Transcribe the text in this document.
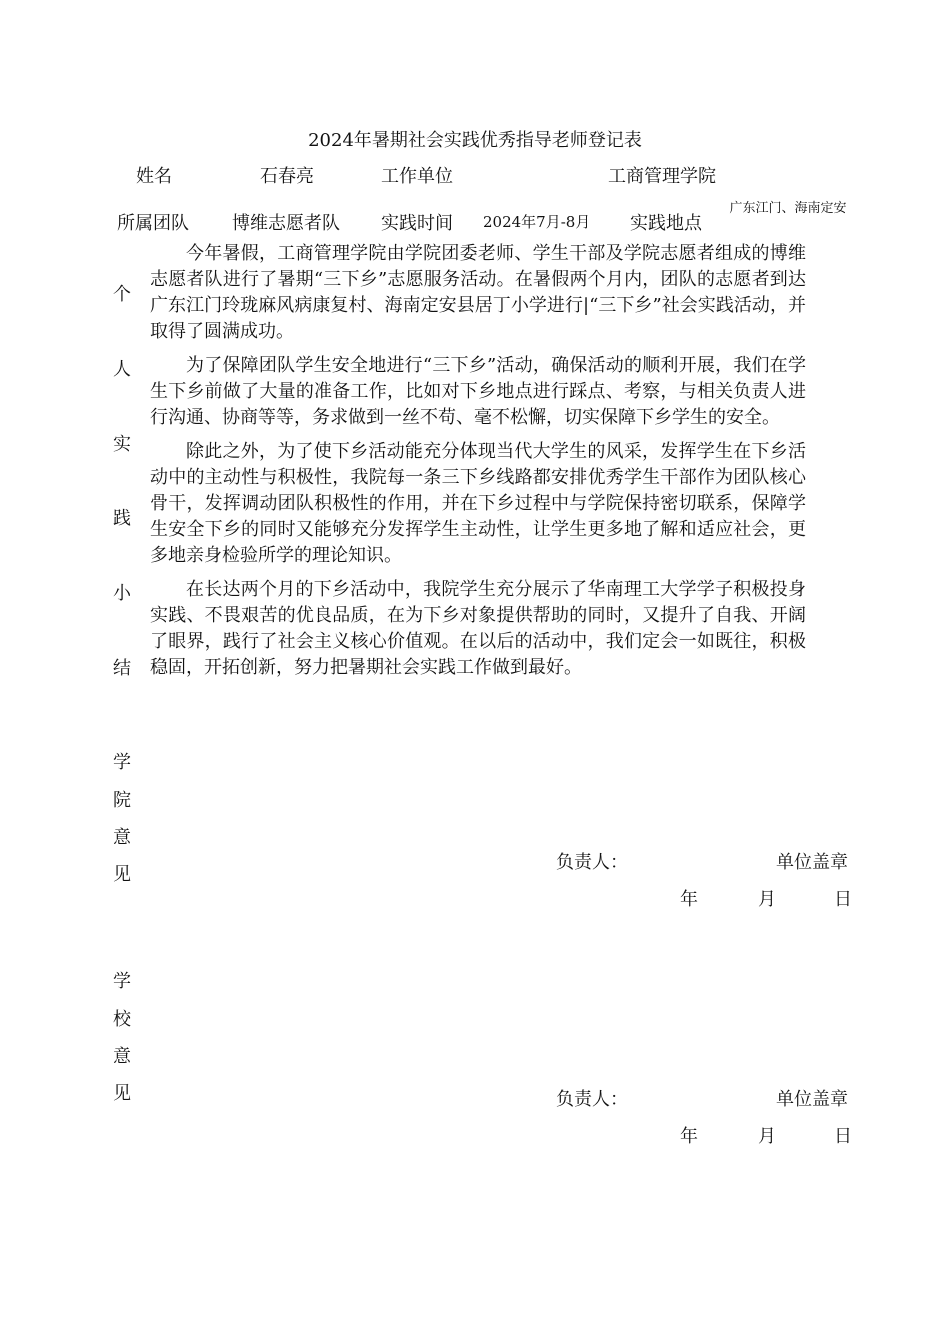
2024年暑期社会实践优秀指导老师登记表
姓名	石春亮	工作单位	工商管理学院
所属团队 博维志愿者队 实践时间 2024年7月-8月 实践地点
广东江门、海南定安
个
人
实
践
小
结

今年暑假，工商管理学院由学院团委老师、学生干部及学院志愿者组成的博维志愿者队进行了暑期“三下乡”志愿服务活动。在暑假两个月内，团队的志愿者到达广东江门玲珑麻风病康复村、海南定安县居丁小学进行|“三下乡”社会实践活动，并取得了圆满成功。

为了保障团队学生安全地进行“三下乡”活动，确保活动的顺利开展，我们在学生下乡前做了大量的准备工作，比如对下乡地点进行踩点、考察，与相关负责人进行沟通、协商等等，务求做到一丝不苟、毫不松懈，切实保障下乡学生的安全。

除此之外，为了使下乡活动能充分体现当代大学生的风采，发挥学生在下乡活动中的主动性与积极性，我院每一条三下乡线路都安排优秀学生干部作为团队核心骨干，发挥调动团队积极性的作用，并在下乡过程中与学院保持密切联系，保障学生安全下乡的同时又能够充分发挥学生主动性，让学生更多地了解和适应社会，更多地亲身检验所学的理论知识。

在长达两个月的下乡活动中，我院学生充分展示了华南理工大学学子积极投身实践、不畏艰苦的优良品质，在为下乡对象提供帮助的同时，又提升了自我、开阔了眼界，践行了社会主义核心价值观。在以后的活动中，我们定会一如既往，积极稳固，开拓创新，努力把暑期社会实践工作做到最好。

学
院
意
见
负责人：	单位盖章
年	月	日
学
校
意
见	负责人：	单位盖章
年	月	日
